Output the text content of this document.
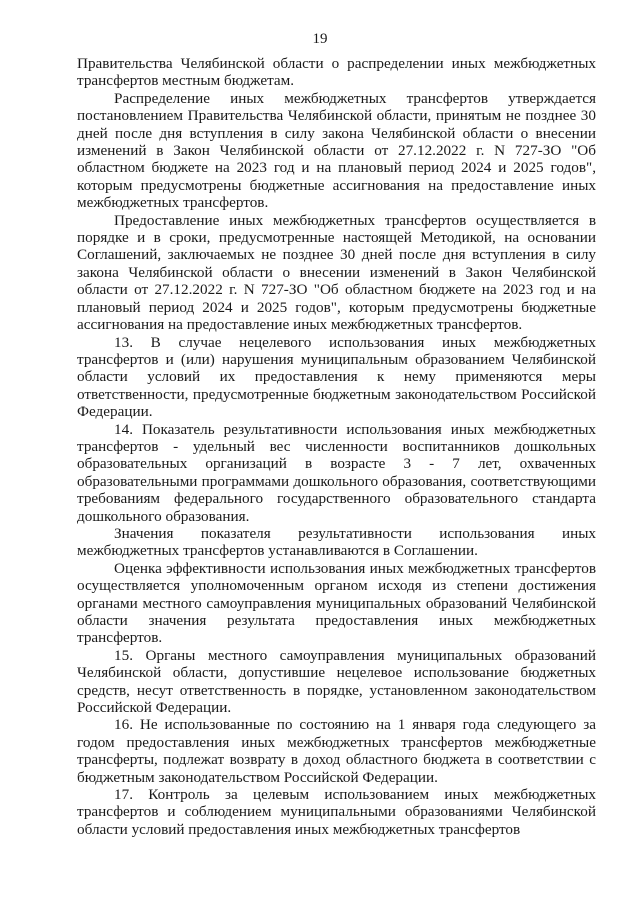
19

Правительства Челябинской области о распределении иных межбюджетных трансфертов местным бюджетам.

Распределение иных межбюджетных трансфертов утверждается постановлением Правительства Челябинской области, принятым не позднее 30 дней после дня вступления в силу закона Челябинской области о внесении изменений в Закон Челябинской области от 27.12.2022 г. N 727-ЗО "Об областном бюджете на 2023 год и на плановый период 2024 и 2025 годов", которым предусмотрены бюджетные ассигнования на предоставление иных межбюджетных трансфертов.

Предоставление иных межбюджетных трансфертов осуществляется в порядке и в сроки, предусмотренные настоящей Методикой, на основании Соглашений, заключаемых не позднее 30 дней после дня вступления в силу закона Челябинской области о внесении изменений в Закон Челябинской области от 27.12.2022 г. N 727-ЗО "Об областном бюджете на 2023 год и на плановый период 2024 и 2025 годов", которым предусмотрены бюджетные ассигнования на предоставление иных межбюджетных трансфертов.

13. В случае нецелевого использования иных межбюджетных трансфертов и (или) нарушения муниципальным образованием Челябинской области условий их предоставления к нему применяются меры ответственности, предусмотренные бюджетным законодательством Российской Федерации.

14. Показатель результативности использования иных межбюджетных трансфертов - удельный вес численности воспитанников дошкольных образовательных организаций в возрасте 3 - 7 лет, охваченных образовательными программами дошкольного образования, соответствующими требованиям федерального государственного образовательного стандарта дошкольного образования.

Значения показателя результативности использования иных межбюджетных трансфертов устанавливаются в Соглашении.

Оценка эффективности использования иных межбюджетных трансфертов осуществляется уполномоченным органом исходя из степени достижения органами местного самоуправления муниципальных образований Челябинской области значения результата предоставления иных межбюджетных трансфертов.

15. Органы местного самоуправления муниципальных образований Челябинской области, допустившие нецелевое использование бюджетных средств, несут ответственность в порядке, установленном законодательством Российской Федерации.

16. Не использованные по состоянию на 1 января года следующего за годом предоставления иных межбюджетных трансфертов межбюджетные трансферты, подлежат возврату в доход областного бюджета в соответствии с бюджетным законодательством Российской Федерации.

17. Контроль за целевым использованием иных межбюджетных трансфертов и соблюдением муниципальными образованиями Челябинской области условий предоставления иных межбюджетных трансфертов
